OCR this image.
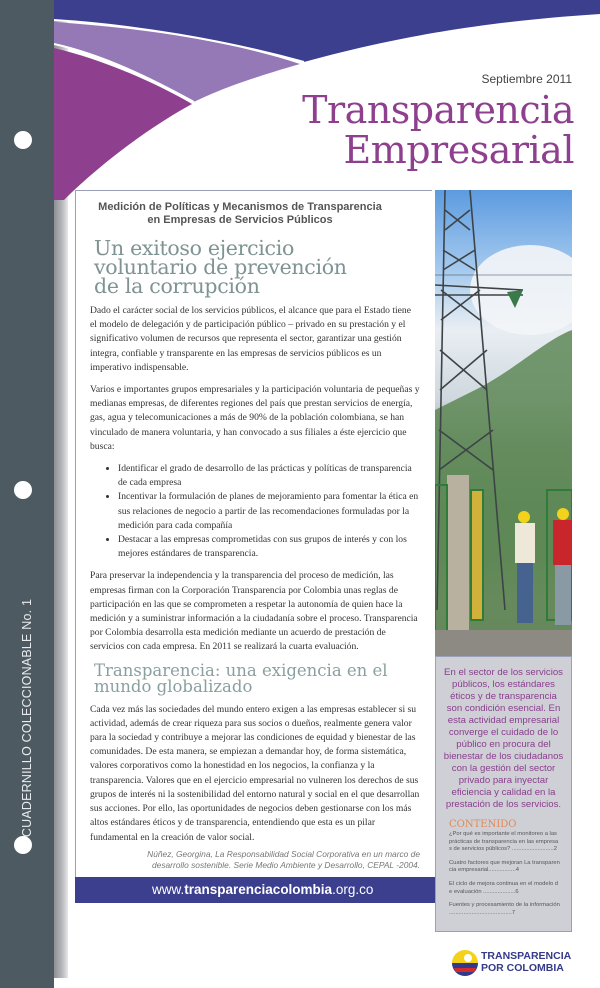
CUADERNILLO COLECCIONABLE No. 1
Septiembre 2011
Transparencia
Empresarial
Medición de Políticas y Mecanismos de Transparencia
en Empresas de Servicios Públicos
Un exitoso ejercicio
voluntario de prevención
de la corrupción
Dado el carácter social de los servicios públicos, el alcance que para el Estado tiene el modelo de delegación y de participación público – privado en su prestación y el significativo volumen de recursos que representa el sector, garantizar una gestión integra, confiable y transparente en las empresas de servicios públicos es un imperativo indispensable.
Varios e importantes grupos empresariales y la participación voluntaria de pequeñas y medianas empresas, de diferentes regiones del país que prestan servicios de energía, gas, agua y telecomunicaciones a más de 90% de la población colombiana, se han vinculado de manera voluntaria, y han convocado a sus filiales a éste ejercicio que busca:
• Identificar el grado de desarrollo de las prácticas y políticas de transparencia de cada empresa
• Incentivar la formulación de planes de mejoramiento para fomentar la ética en sus relaciones de negocio a partir de las recomendaciones formuladas por la medición para cada compañía
• Destacar a las empresas comprometidas con sus grupos de interés y con los mejores estándares de transparencia.
Para preservar la independencia y la transparencia del proceso de medición, las empresas firman con la Corporación Transparencia por Colombia unas reglas de participación en las que se comprometen a respetar la autonomía de quien hace la medición y a suministrar información a la ciudadanía sobre el proceso. Transparencia por Colombia desarrolla esta medición mediante un acuerdo de prestación de servicios con cada empresa. En 2011 se realizará la cuarta evaluación.
Transparencia: una exigencia en el
mundo globalizado
Cada vez más las sociedades del mundo entero exigen a las empresas establecer si su actividad, además de crear riqueza para sus socios o dueños, realmente genera valor para la sociedad y contribuye a mejorar las condiciones de equidad y bienestar de las comunidades. De esta manera, se empiezan a demandar hoy, de forma sistemática, valores corporativos como la honestidad en los negocios, la confianza y la transparencia. Valores que en el ejercicio empresarial no vulneren los derechos de sus grupos de interés ni la sostenibilidad del entorno natural y social en el que desarrollan sus acciones. Por ello, las oportunidades de negocios deben gestionarse con los más altos estándares éticos y de transparencia, entendiendo que esta es un pilar fundamental en la creación de valor social.
Núñez, Georgina, La Responsabilidad Social Corporativa en un marco de
desarrollo sostenible. Serie Medio Ambiente y Desarrollo, CEPAL -2004.
www.transparenciacolombia.org.co
En el sector de los servicios públicos, los estándares éticos y de transparencia son condición esencial. En esta actividad empresarial converge el cuidado de lo público en procura del bienestar de los ciudadanos con la gestión del sector privado para inyectar eficiencia y calidad en la prestación de los servicios.
CONTENIDO
¿Por qué es importante el monitoreo a las prácticas de transparencia en las empresas de servicios públicos? ..........................2
Cuatro factores que mejoran La transparencia empresarial.................4
El ciclo de mejora continua en el modelo de evaluación ....................6
Fuentes y procesamiento de la información .......................................7
TRANSPARENCIA
POR COLOMBIA
